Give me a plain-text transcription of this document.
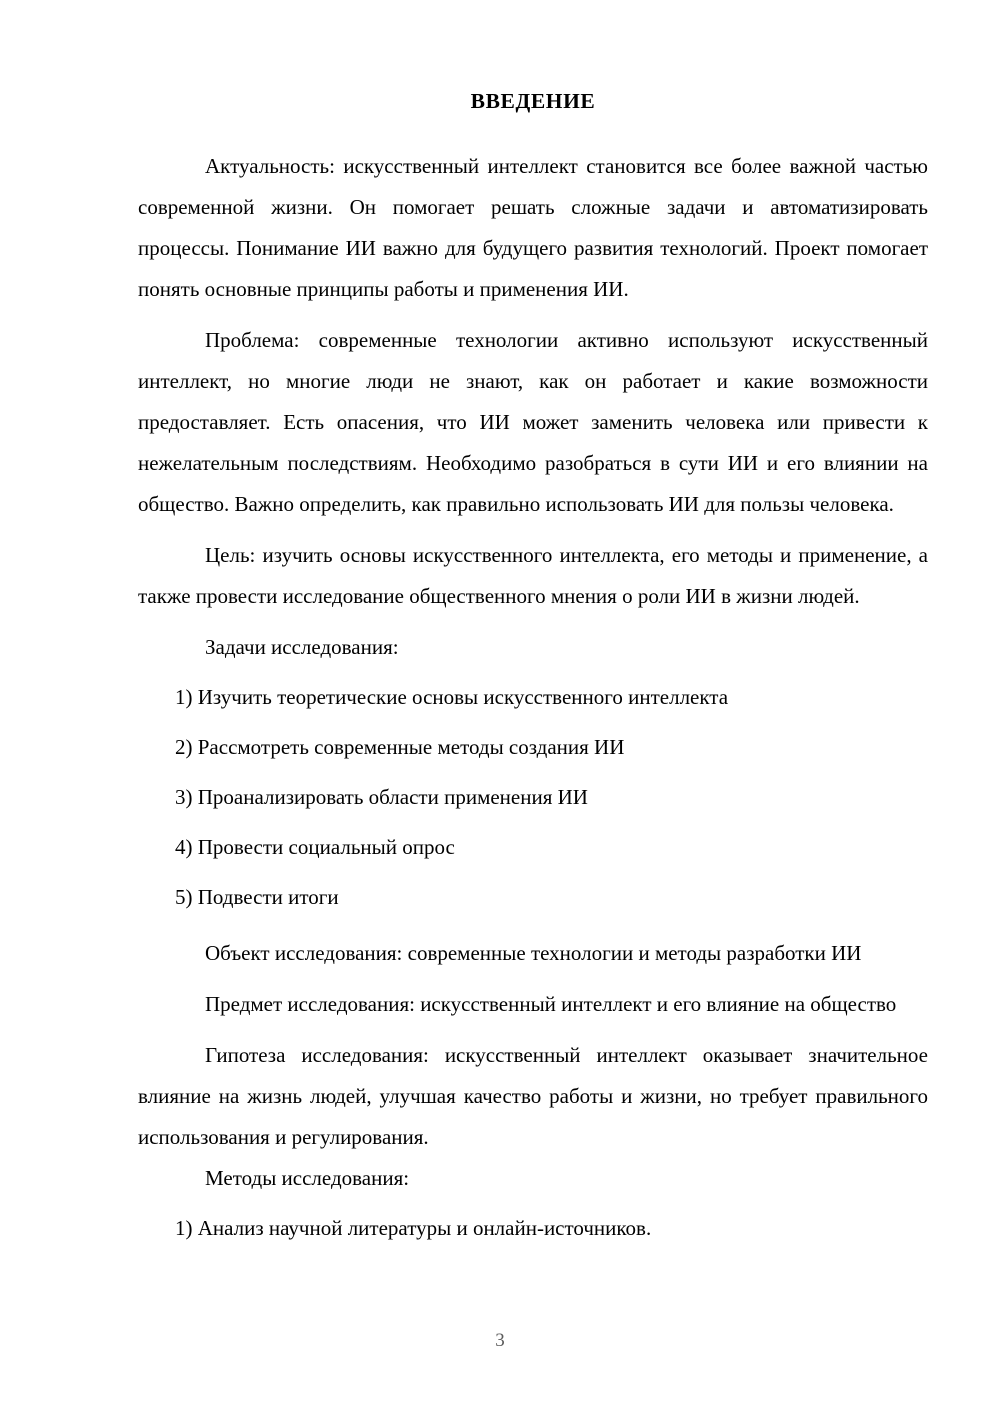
ВВЕДЕНИЕ

Актуальность: искусственный интеллект становится все более важной частью современной жизни. Он помогает решать сложные задачи и автоматизировать процессы. Понимание ИИ важно для будущего развития технологий. Проект помогает понять основные принципы работы и применения ИИ.

Проблема: современные технологии активно используют искусственный интеллект, но многие люди не знают, как он работает и какие возможности предоставляет. Есть опасения, что ИИ может заменить человека или привести к нежелательным последствиям. Необходимо разобраться в сути ИИ и его влиянии на общество. Важно определить, как правильно использовать ИИ для пользы человека.

Цель: изучить основы искусственного интеллекта, его методы и применение, а также провести исследование общественного мнения о роли ИИ в жизни людей.

Задачи исследования:
1) Изучить теоретические основы искусственного интеллекта
2) Рассмотреть современные методы создания ИИ
3) Проанализировать области применения ИИ
4) Провести социальный опрос
5) Подвести итоги

Объект исследования: современные технологии и методы разработки ИИ

Предмет исследования: искусственный интеллект и его влияние на общество

Гипотеза исследования: искусственный интеллект оказывает значительное влияние на жизнь людей, улучшая качество работы и жизни, но требует правильного использования и регулирования.

Методы исследования:
1) Анализ научной литературы и онлайн-источников.
3
